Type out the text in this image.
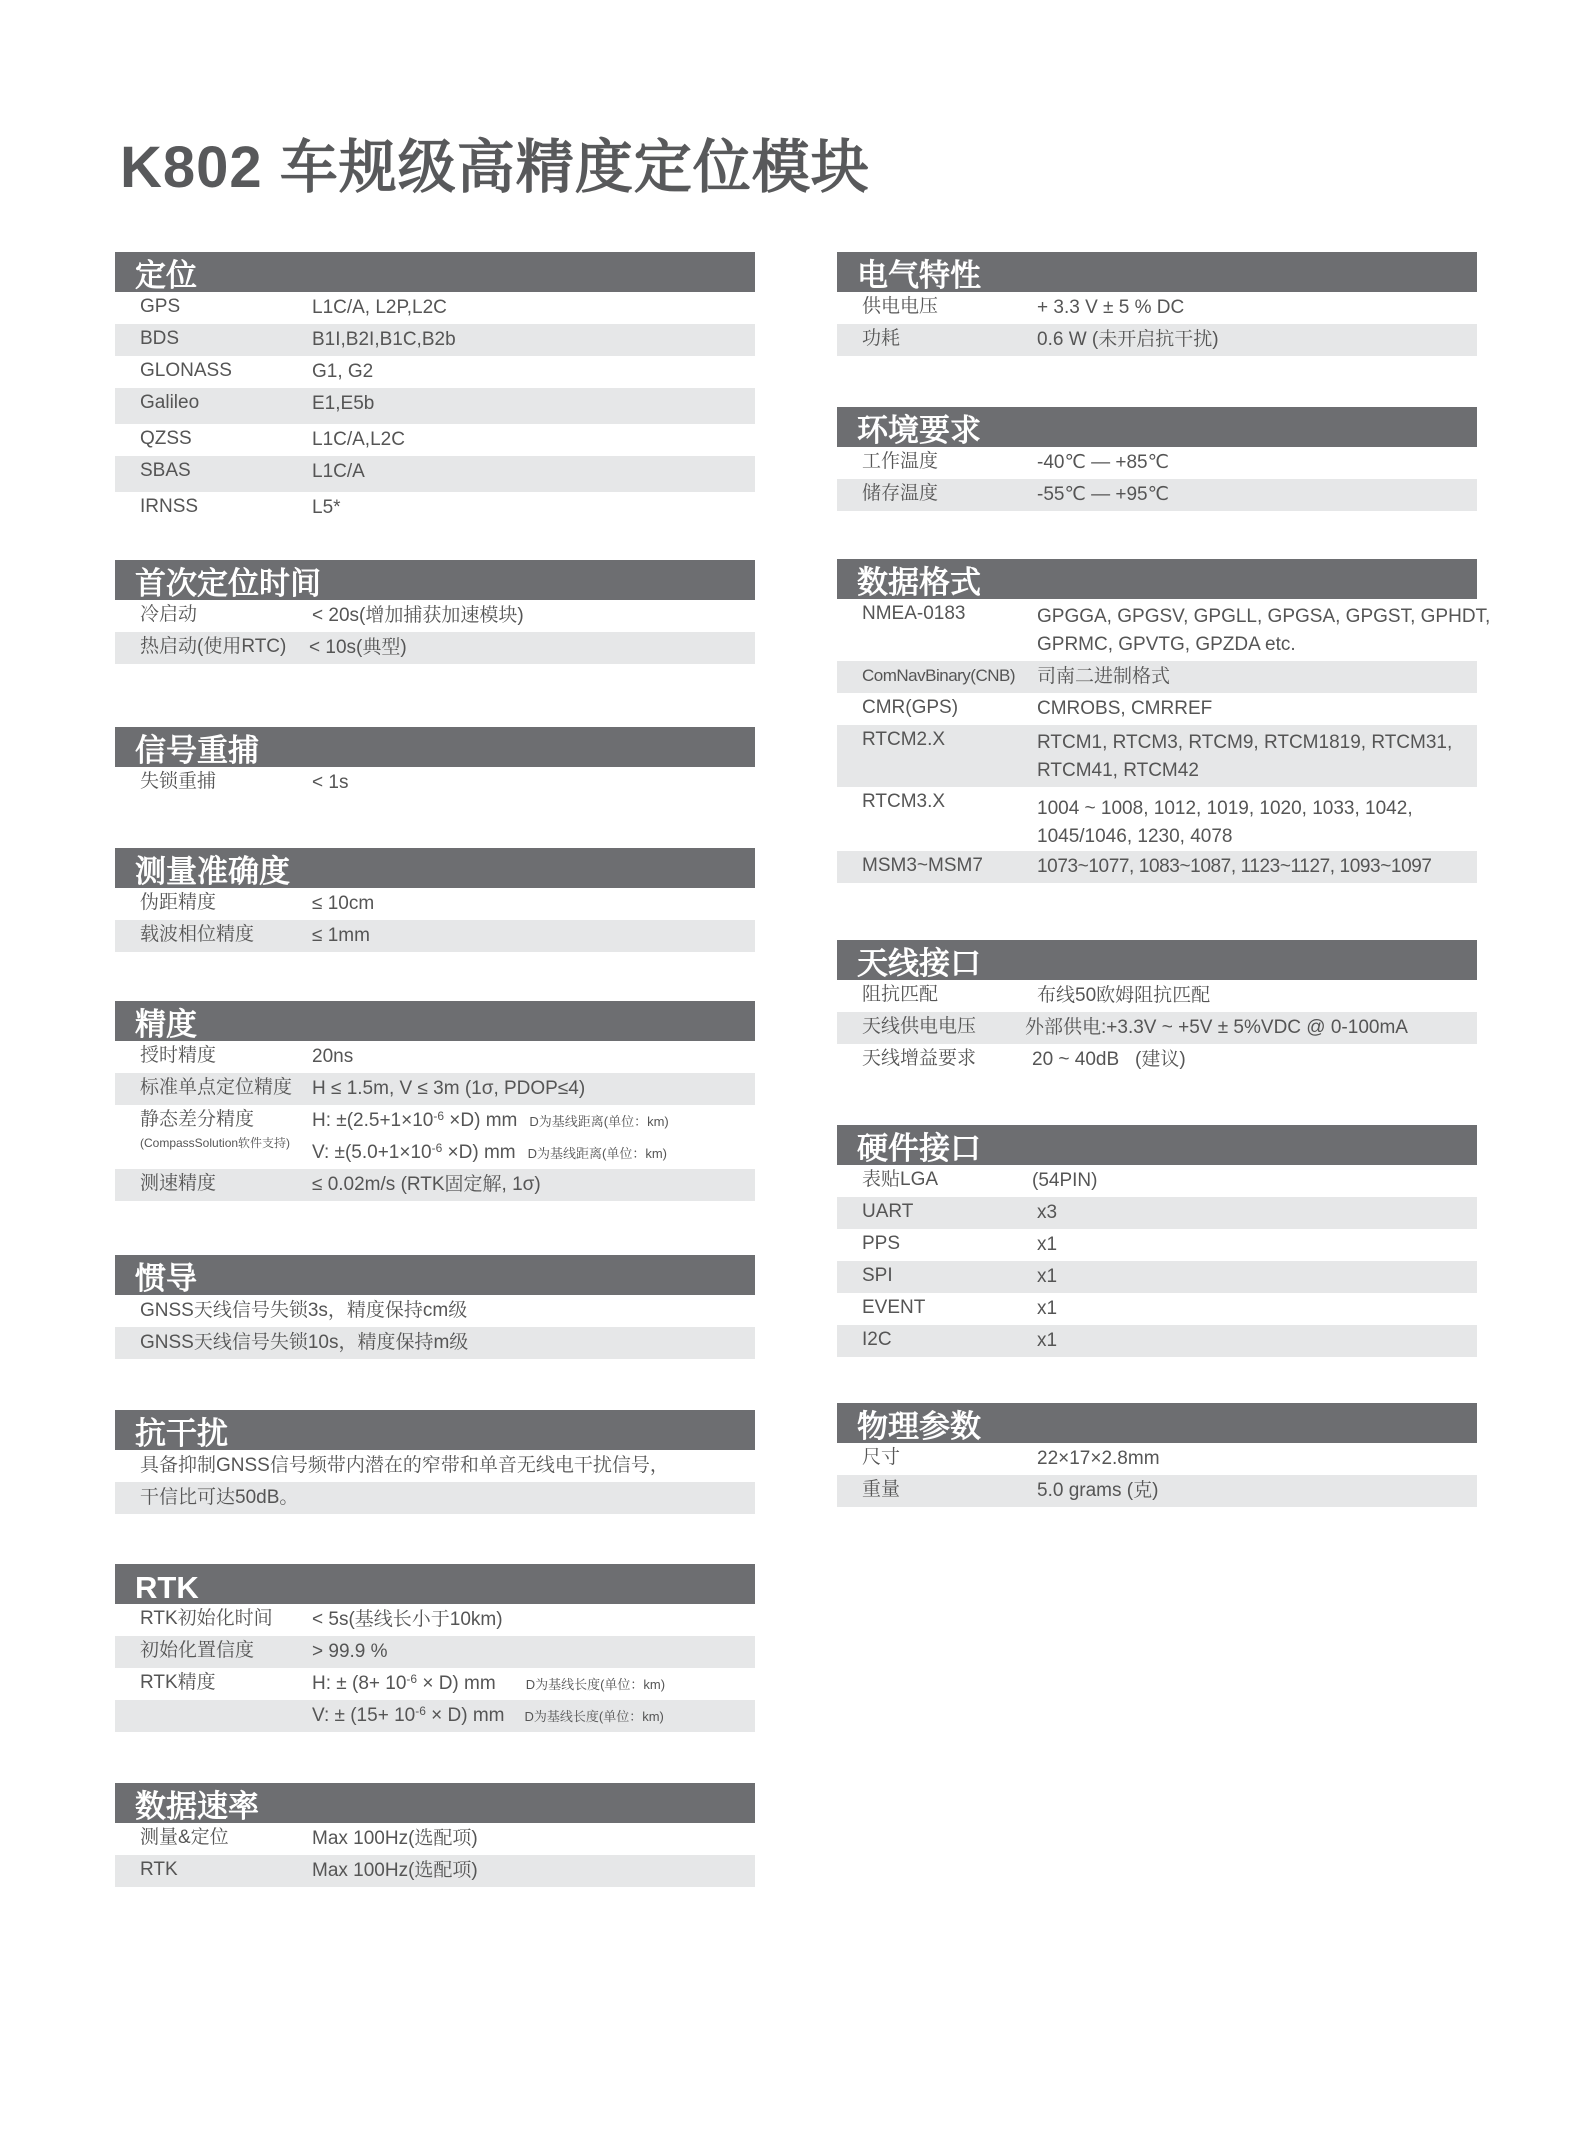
K802 车规级高精度定位模块
定位
GPS	L1C/A, L2P,L2C
BDS	B1I,B2I,B1C,B2b
GLONASS	G1, G2
Galileo	E1,E5b
QZSS	L1C/A,L2C
SBAS	L1C/A
IRNSS	L5*
首次定位时间
冷启动	< 20s(增加捕获加速模块)
热启动(使用RTC) < 10s(典型)
信号重捕
失锁重捕	< 1s
测量准确度
伪距精度	≤ 10cm
载波相位精度	≤ 1mm
精度
授时精度	20ns
标准单点定位精度 H ≤ 1.5m, V ≤ 3m (1σ, PDOP≤4)
静态差分精度
(CompassSolution软件支持)
H: $\pm(2.5+1\times 10^{-6} \times D)$ mm D为基线距离(单位：km)
V: $\pm(5.0+1\times 10^{-6} \times D)$ mm D为基线距离(单位：km)
测速精度	≤ 0.02m/s (RTK固定解, 1σ)
惯导
GNSS天线信号失锁3s，精度保持cm级
GNSS天线信号失锁10s，精度保持m级
抗干扰
具备抑制GNSS信号频带内潜在的窄带和单音无线电干扰信号，
干信比可达50dB。
RTK
RTK初始化时间 < 5s(基线长小于10km)
初始化置信度	> 99.9 %
RTK精度	H: ± $(8+ 10^{-6} \times D)$ mm D为基线长度(单位：km)
V: ± $(15+ 10^{-6} \times D)$ mm D为基线长度(单位：km)
数据速率
测量&定位	Max 100Hz(选配项)
RTK	Max 100Hz(选配项)
电气特性
供电电压	+ 3.3 V ± 5 % DC
功耗	0.6 W (未开启抗干扰)
环境要求
工作温度	-40℃ — +85℃
储存温度	-55℃ — +95℃
数据格式
NMEA-0183	GPGGA, GPGSV, GPGLL, GPGSA, GPGST, GPHDT,
GPRMC, GPVTG, GPZDA etc.
ComNavBinary(CNB) 司南二进制格式
CMR(GPS)	CMROBS, CMRREF
RTCM2.X	RTCM1, RTCM3, RTCM9, RTCM1819, RTCM31,
RTCM41, RTCM42
RTCM3.X	1004 ~ 1008, 1012, 1019, 1020, 1033, 1042,
1045/1046, 1230, 4078
MSM3~MSM7	1073~1077, 1083~1087, 1123~1127, 1093~1097
天线接口
阻抗匹配	布线50欧姆阻抗匹配
天线供电电压	外部供电:+3.3V ~ +5V ± 5%VDC @ 0-100mA
天线增益要求	20 ~ 40dB   (建议)
硬件接口
表贴LGA	(54PIN)
UART	x3
PPS	x1
SPI	x1
EVENT	x1
I2C	x1
物理参数
尺寸	22×17×2.8mm
重量	5.0 grams (克)
